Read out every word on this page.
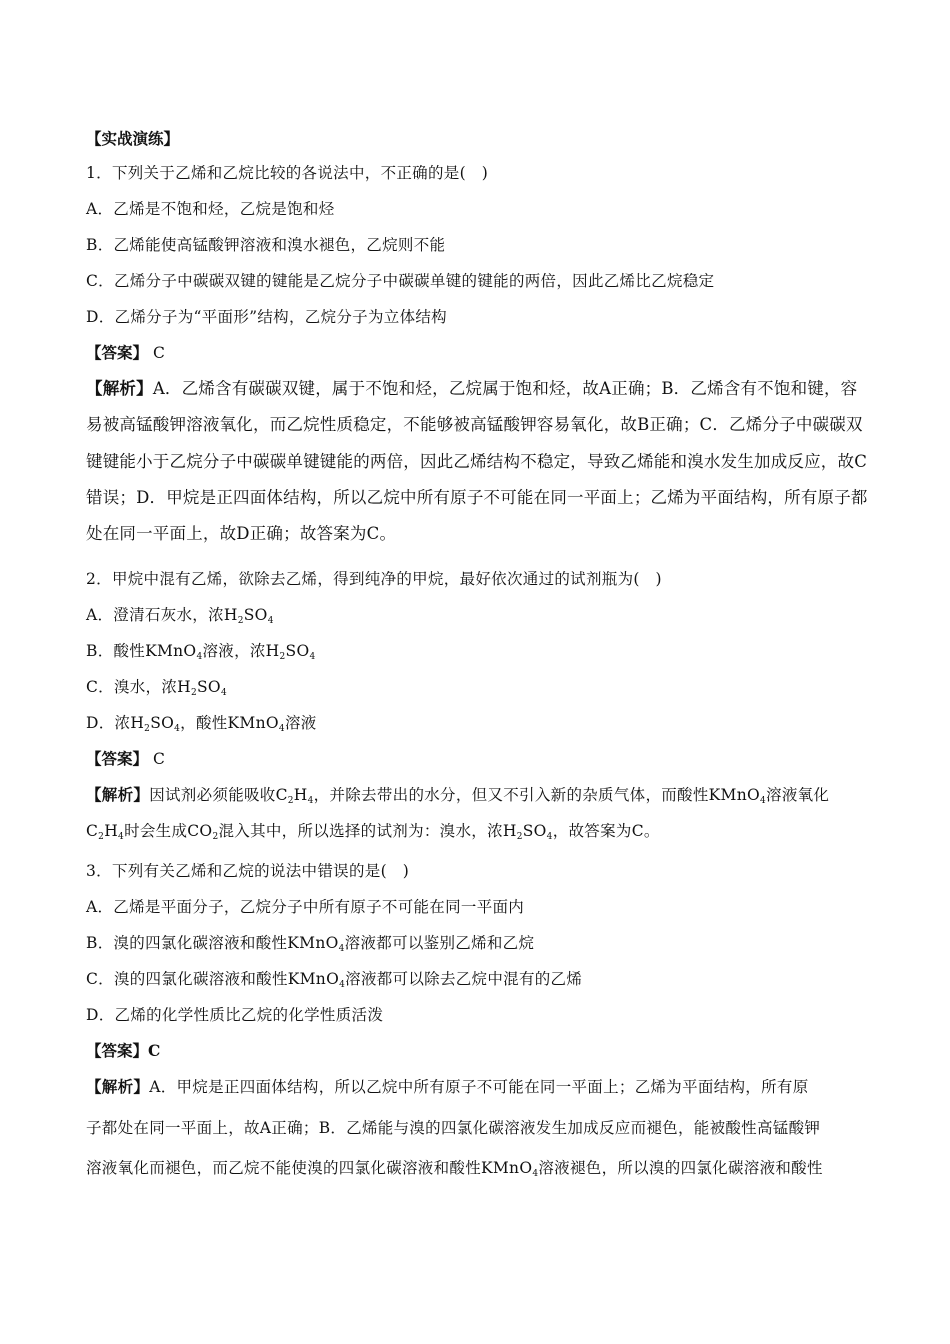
【实战演练】
1．下列关于乙烯和乙烷比较的各说法中，不正确的是(　)
A．乙烯是不饱和烃，乙烷是饱和烃
B．乙烯能使高锰酸钾溶液和溴水褪色，乙烷则不能
C．乙烯分子中碳碳双键的键能是乙烷分子中碳碳单键的键能的两倍，因此乙烯比乙烷稳定
D．乙烯分子为“平面形”结构，乙烷分子为立体结构
【答案】 C
【解析】A．乙烯含有碳碳双键，属于不饱和烃，乙烷属于饱和烃，故A正确；B．乙烯含有不饱和键，容
易被高锰酸钾溶液氧化，而乙烷性质稳定，不能够被高锰酸钾容易氧化，故B正确；C．乙烯分子中碳碳双
键键能小于乙烷分子中碳碳单键键能的两倍，因此乙烯结构不稳定，导致乙烯能和溴水发生加成反应，故C
错误；D．甲烷是正四面体结构，所以乙烷中所有原子不可能在同一平面上；乙烯为平面结构，所有原子都
处在同一平面上，故D正确；故答案为C。
2．甲烷中混有乙烯，欲除去乙烯，得到纯净的甲烷，最好依次通过的试剂瓶为(　)
A．澄清石灰水，浓$H_2SO_4$
B．酸性KMnO$_4$溶液，浓$H_2SO_4$
C．溴水，浓$H_2SO_4$
D．浓$H_2SO_4$，酸性KMnO$_4$溶液
【答案】 C
【解析】因试剂必须能吸收$C_2H_4$，并除去带出的水分，但又不引入新的杂质气体，而酸性KMnO$_4$溶液氧化
$C_2H_4$时会生成$CO_2$混入其中，所以选择的试剂为：溴水，浓$H_2SO_4$，故答案为C。
3．下列有关乙烯和乙烷的说法中错误的是(　)
A．乙烯是平面分子，乙烷分子中所有原子不可能在同一平面内
B．溴的四氯化碳溶液和酸性KMnO$_4$溶液都可以鉴别乙烯和乙烷
C．溴的四氯化碳溶液和酸性KMnO$_4$溶液都可以除去乙烷中混有的乙烯
D．乙烯的化学性质比乙烷的化学性质活泼
【答案】C
【解析】A．甲烷是正四面体结构，所以乙烷中所有原子不可能在同一平面上；乙烯为平面结构，所有原
子都处在同一平面上，故A正确；B．乙烯能与溴的四氯化碳溶液发生加成反应而褪色，能被酸性高锰酸钾
溶液氧化而褪色，而乙烷不能使溴的四氯化碳溶液和酸性KMnO$_4$溶液褪色，所以溴的四氯化碳溶液和酸性
